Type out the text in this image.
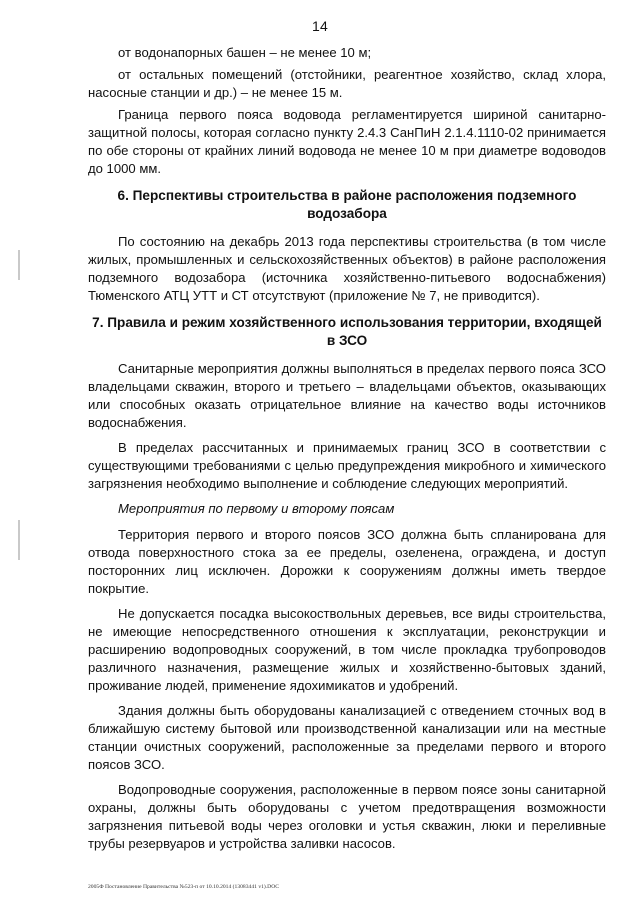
14

от водонапорных башен – не менее 10 м;

от остальных помещений (отстойники, реагентное хозяйство, склад хлора, насосные станции и др.) – не менее 15 м.

Граница первого пояса водовода регламентируется шириной санитарно-защитной полосы, которая согласно пункту 2.4.3 СанПиН 2.1.4.1110-02 принимается по обе стороны от крайних линий водовода не менее 10 м при диаметре водоводов до 1000 мм.

6. Перспективы строительства в районе расположения подземного водозабора

По состоянию на декабрь 2013 года перспективы строительства (в том числе жилых, промышленных и сельскохозяйственных объектов) в районе расположения подземного водозабора (источника хозяйственно-питьевого водоснабжения) Тюменского АТЦ УТТ и СТ отсутствуют (приложение № 7, не приводится).

7. Правила и режим хозяйственного использования территории, входящей в ЗСО

Санитарные мероприятия должны выполняться в пределах первого пояса ЗСО владельцами скважин, второго и третьего – владельцами объектов, оказывающих или способных оказать отрицательное влияние на качество воды источников водоснабжения.

В пределах рассчитанных и принимаемых границ ЗСО в соответствии с существующими требованиями с целью предупреждения микробного и химического загрязнения необходимо выполнение и соблюдение следующих мероприятий.

Мероприятия по первому и второму поясам

Территория первого и второго поясов ЗСО должна быть спланирована для отвода поверхностного стока за ее пределы, озеленена, ограждена, и доступ посторонних лиц исключен. Дорожки к сооружениям должны иметь твердое покрытие.

Не допускается посадка высокоствольных деревьев, все виды строительства, не имеющие непосредственного отношения к эксплуатации, реконструкции и расширению водопроводных сооружений, в том числе прокладка трубопроводов различного назначения, размещение жилых и хозяйственно-бытовых зданий, проживание людей, применение ядохимикатов и удобрений.

Здания должны быть оборудованы канализацией с отведением сточных вод в ближайшую систему бытовой или производственной канализации или на местные станции очистных сооружений, расположенные за пределами первого и второго поясов ЗСО.

Водопроводные сооружения, расположенные в первом поясе зоны санитарной охраны, должны быть оборудованы с учетом предотвращения возможности загрязнения питьевой воды через оголовки и устья скважин, люки и переливные трубы резервуаров и устройства заливки насосов.

2005Ф Постановление Правительства №523-п от 10.10.2014 (13083441 v1).DOC
